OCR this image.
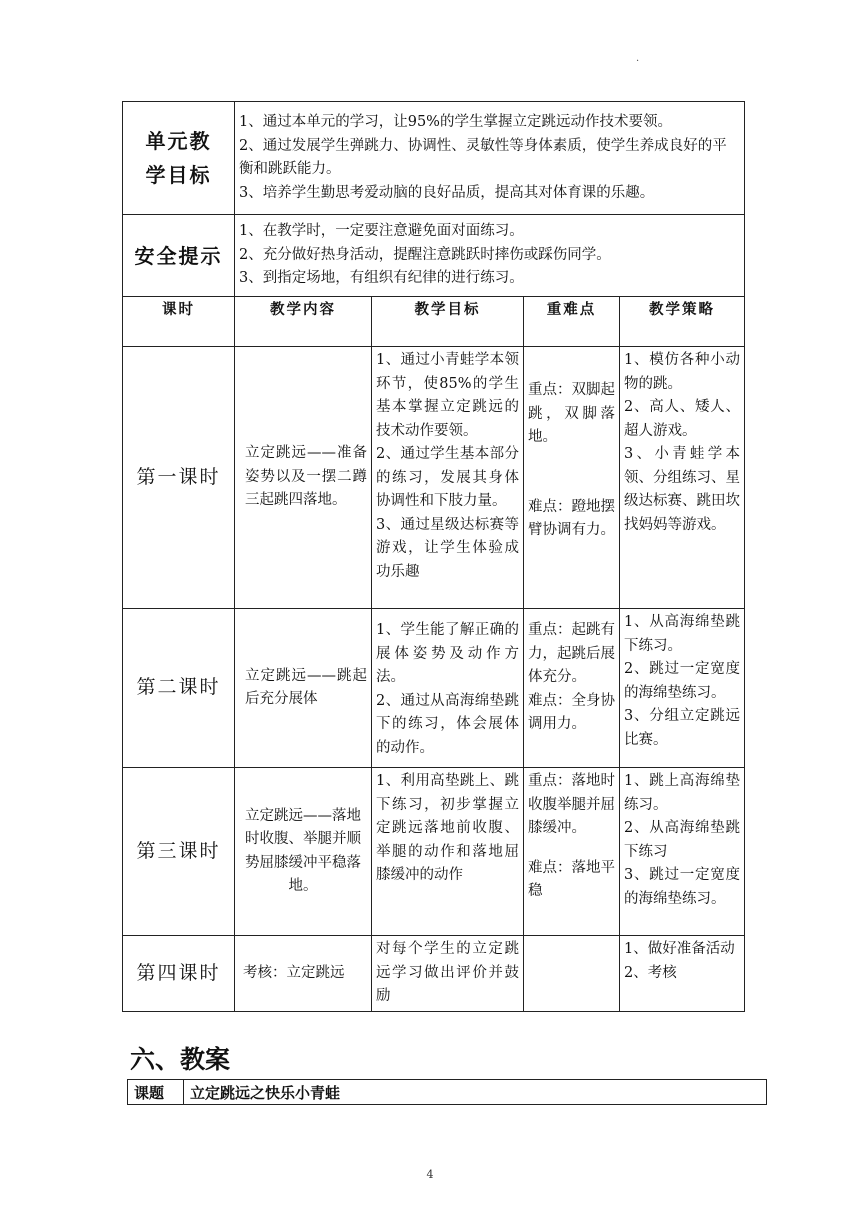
·
单元教
学目标	1、通过本单元的学习，让95%的学生掌握立定跳远动作技术要领。
2、通过发展学生弹跳力、协调性、灵敏性等身体素质，使学生养成良好的平衡和跳跃能力。
3、培养学生勤思考爱动脑的良好品质，提高其对体育课的乐趣。			

安全提示	1、在教学时，一定要注意避免面对面练习。
2、充分做好热身活动，提醒注意跳跃时摔伤或踩伤同学。
3、到指定场地，有组织有纪律的进行练习。			

课时	教学内容	教学目标	重难点	教学策略
第一课时	立定跳远——准备姿势以及一摆二蹲三起跳四落地。	1、通过小青蛙学本领环节，使85%的学生基本掌握立定跳远的技术动作要领。
2、通过学生基本部分的练习，发展其身体协调性和下肢力量。
3、通过星级达标赛等游戏，让学生体验成功乐趣	重点：双脚起跳，双脚落地。
难点：蹬地摆臂协调有力。	1、模仿各种小动物的跳。
2、高人、矮人、超人游戏。
3、小青蛙学本领、分组练习、星级达标赛、跳田坎找妈妈等游戏。

第二课时	立定跳远——跳起后充分展体	1、学生能了解正确的展体姿势及动作方法。
2、通过从高海绵垫跳下的练习，体会展体的动作。	重点：起跳有力，起跳后展体充分。
难点：全身协调用力。	1、从高海绵垫跳下练习。
2、跳过一定宽度的海绵垫练习。
3、分组立定跳远比赛。

第三课时	立定跳远——落地时收腹、举腿并顺势屈膝缓冲平稳落地。	1、利用高垫跳上、跳下练习，初步掌握立定跳远落地前收腹、举腿的动作和落地屈膝缓冲的动作	重点：落地时收腹举腿并屈膝缓冲。
难点：落地平稳	1、跳上高海绵垫练习。
2、从高海绵垫跳下练习
3、跳过一定宽度的海绵垫练习。

第四课时	考核：立定跳远	对每个学生的立定跳远学习做出评价并鼓励		1、做好准备活动
2、考核
六、教案
课题	立定跳远之快乐小青蛙
4
